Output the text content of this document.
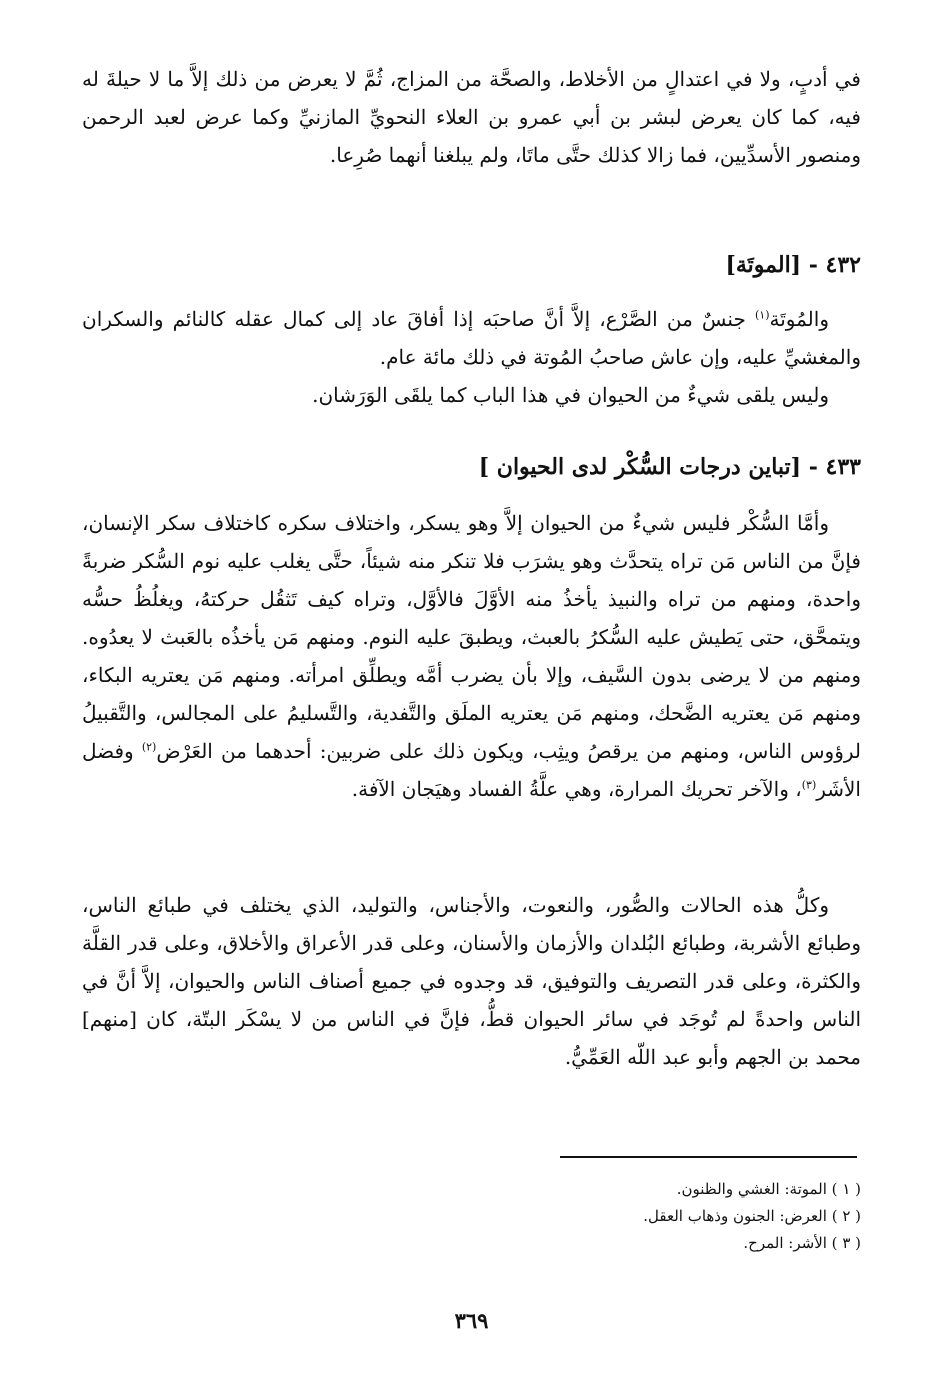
في أدبٍ، ولا في اعتدالٍ من الأخلاط، والصحَّة من المزاج، ثُمَّ لا يعرض من ذلك إلاَّ ما لا حيلةَ له فيه، كما كان يعرض لبشر بن أبي عمرو بن العلاء النحويِّ المازنيِّ وكما عرض لعبد الرحمن ومنصور الأسدِّيين، فما زالا كذلك حتَّى ماتَا، ولم يبلغنا أنهما صُرِعا.

٤٣٢ - [الموتَة]

والمُوتَة$^{(١)}$ جنسٌ من الصَّرْع، إلاَّ أنَّ صاحبَه إذا أفاقَ عاد إلى كمال عقله كالنائم والسكران والمغشيِّ عليه، وإن عاش صاحبُ المُوتة في ذلك مائة عام.

وليس يلقى شيءٌ من الحيوان في هذا الباب كما يلقَى الوَرَشان.

٤٣٣ - [تباين درجات السُّكْر لدى الحيوان ]

وأمَّا السُّكْر فليس شيءٌ من الحيوان إلاَّ وهو يسكر، واختلاف سكره كاختلاف سكر الإنسان، فإنَّ من الناس مَن تراه يتحدَّث وهو يشرَب فلا تنكر منه شيئاً، حتَّى يغلب عليه نوم السُّكر ضربةً واحدة، ومنهم من تراه والنبيذ يأخذُ منه الأوَّلَ فالأوَّل، وتراه كيف تَثقُل حركتهُ، ويغلُظُ حسُّه ويتمحَّق، حتى يَطيش عليه السُّكرُ بالعبث، ويطبقَ عليه النوم. ومنهم مَن يأخذُه بالعَبث لا يعدُوه. ومنهم من لا يرضى بدون السَّيف، وإلا بأن يضرب أمَّه ويطلِّق امرأته. ومنهم مَن يعتريه البكاء، ومنهم مَن يعتريه الضَّحك، ومنهم مَن يعتريه الملَق والتَّفدية، والتَّسليمُ على المجالس، والتَّقبيلُ لرؤوس الناس، ومنهم من يرقصُ ويثِب، ويكون ذلك على ضربين: أحدهما من العَرْض$^{(٢)}$ وفضل الأشَر$^{(٣)}$، والآخر تحريك المرارة، وهي علَّةُ الفساد وهيَجان الآفة.

وكلُّ هذه الحالات والصُّور، والنعوت، والأجناس، والتوليد، الذي يختلف في طبائع الناس، وطبائع الأشربة، وطبائع البُلدان والأزمان والأسنان، وعلى قدر الأعراق والأخلاق، وعلى قدر القلَّة والكثرة، وعلى قدر التصريف والتوفيق، قد وجدوه في جميع أصناف الناس والحيوان، إلاَّ أنَّ في الناس واحدةً لم تُوجَد في سائر الحيوان قطُّ، فإنَّ في الناس من لا يسْكَر البتّة، كان [منهم] محمد بن الجهم وأبو عبد اللّه العَمِّيُّ.

( ١ ) الموتة: الغشي والظنون.

( ٢ ) العرض: الجنون وذهاب العقل.

( ٣ ) الأشر: المرح.

٣٦٩
